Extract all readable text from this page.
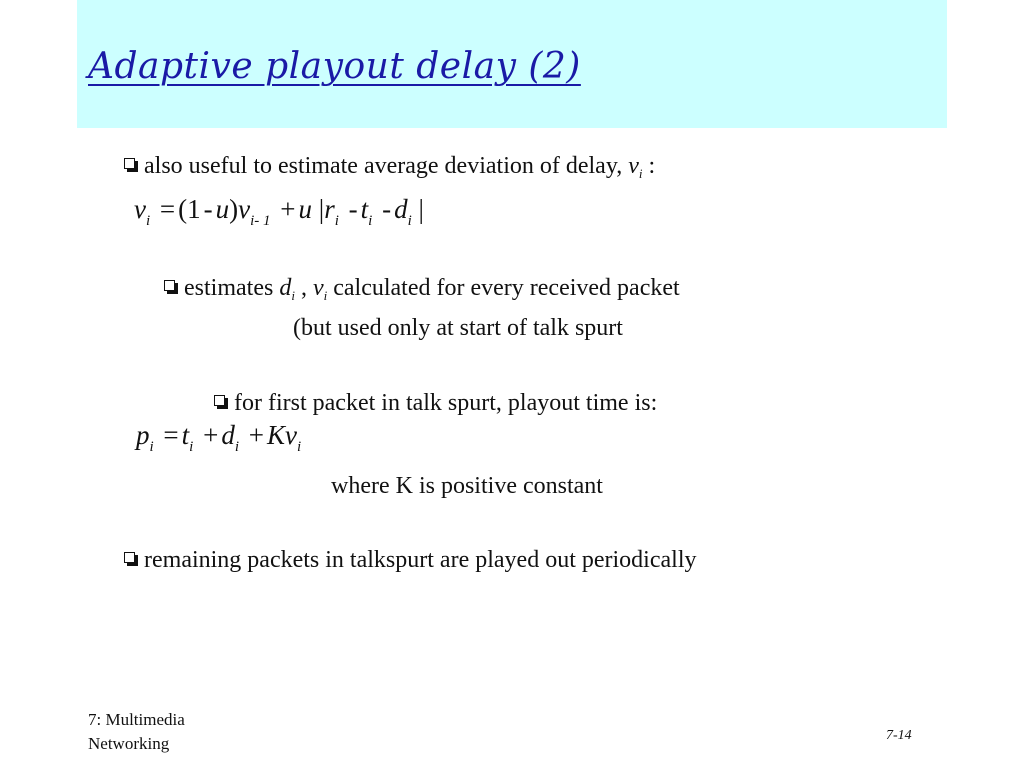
Adaptive playout delay (2)
also useful to estimate average deviation of delay, $v_i$ :
$v_i = (1 - u)v_{i- 1} + u$ $|r_i - t_i - d_i$ |
estimates $d_i$ , $v_i$ calculated for every received packet
(but used only at start of talk spurt
for first packet in talk spurt, playout time is:
$p_i = t_i + d_i + Kv_i$
where K is positive constant
remaining packets in talkspurt are played out periodically
7: Multimedia
Networking	7-14
